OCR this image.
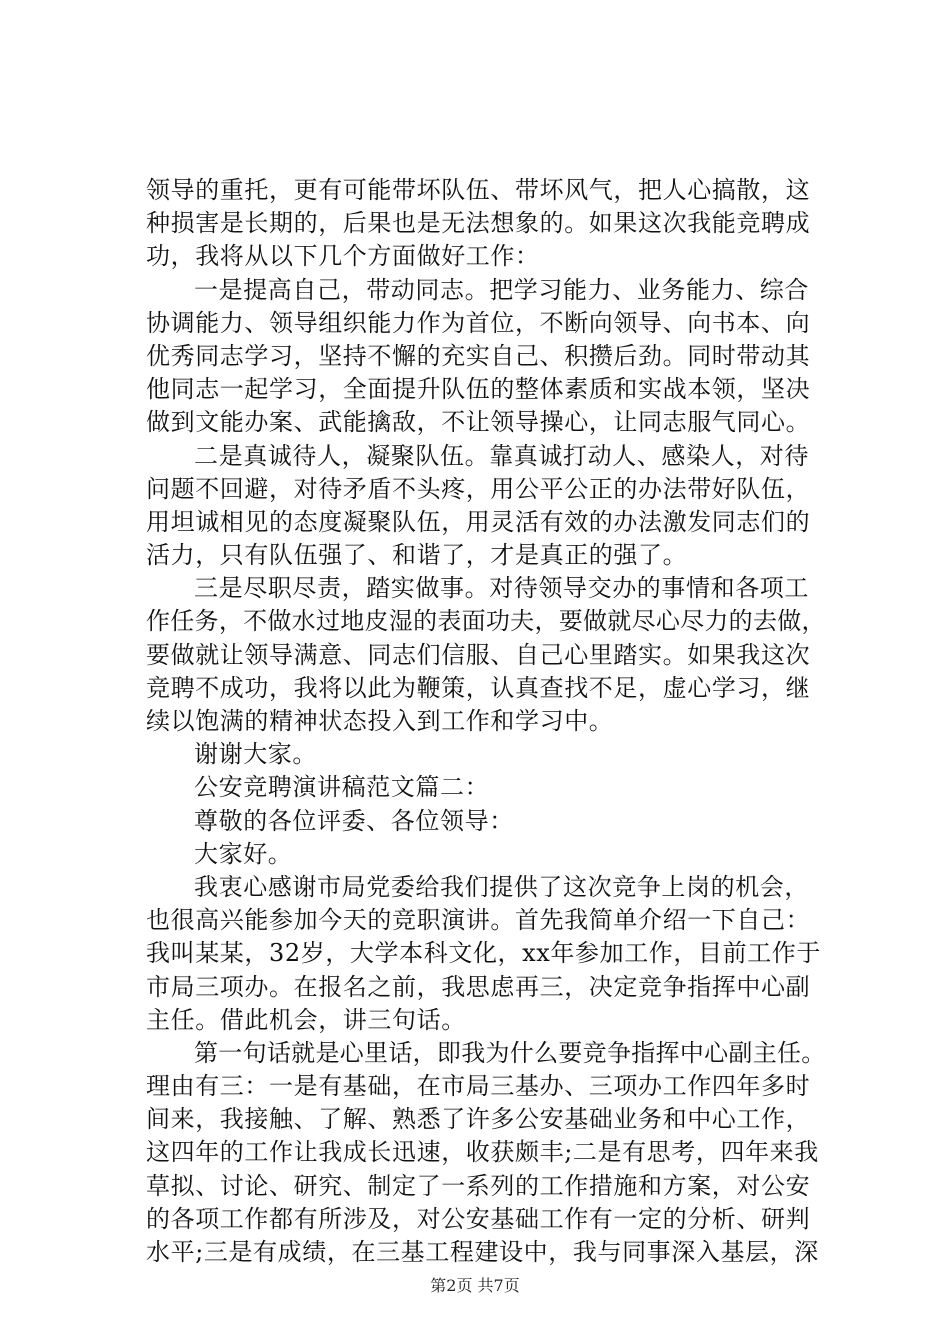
领导的重托，更有可能带坏队伍、带坏风气，把人心搞散，这
种损害是长期的，后果也是无法想象的。如果这次我能竞聘成
功，我将从以下几个方面做好工作：
一是提高自己，带动同志。把学习能力、业务能力、综合
协调能力、领导组织能力作为首位，不断向领导、向书本、向
优秀同志学习，坚持不懈的充实自己、积攒后劲。同时带动其
他同志一起学习，全面提升队伍的整体素质和实战本领，坚决
做到文能办案、武能擒敌，不让领导操心，让同志服气同心。
二是真诚待人，凝聚队伍。靠真诚打动人、感染人，对待
问题不回避，对待矛盾不头疼，用公平公正的办法带好队伍，
用坦诚相见的态度凝聚队伍，用灵活有效的办法激发同志们的
活力，只有队伍强了、和谐了，才是真正的强了。
三是尽职尽责，踏实做事。对待领导交办的事情和各项工
作任务，不做水过地皮湿的表面功夫，要做就尽心尽力的去做，
要做就让领导满意、同志们信服、自己心里踏实。如果我这次
竞聘不成功，我将以此为鞭策，认真查找不足，虚心学习，继
续以饱满的精神状态投入到工作和学习中。
谢谢大家。
公安竞聘演讲稿范文篇二：
尊敬的各位评委、各位领导：
大家好。
我衷心感谢市局党委给我们提供了这次竞争上岗的机会，
也很高兴能参加今天的竞职演讲。首先我简单介绍一下自己：
我叫某某，32岁，大学本科文化，xx年参加工作，目前工作于
市局三项办。在报名之前，我思虑再三，决定竞争指挥中心副
主任。借此机会，讲三句话。
第一句话就是心里话，即我为什么要竞争指挥中心副主任。
理由有三：一是有基础，在市局三基办、三项办工作四年多时
间来，我接触、了解、熟悉了许多公安基础业务和中心工作，
这四年的工作让我成长迅速，收获颇丰;二是有思考，四年来我
草拟、讨论、研究、制定了一系列的工作措施和方案，对公安
的各项工作都有所涉及，对公安基础工作有一定的分析、研判
水平;三是有成绩，在三基工程建设中，我与同事深入基层，深
第2页 共7页
